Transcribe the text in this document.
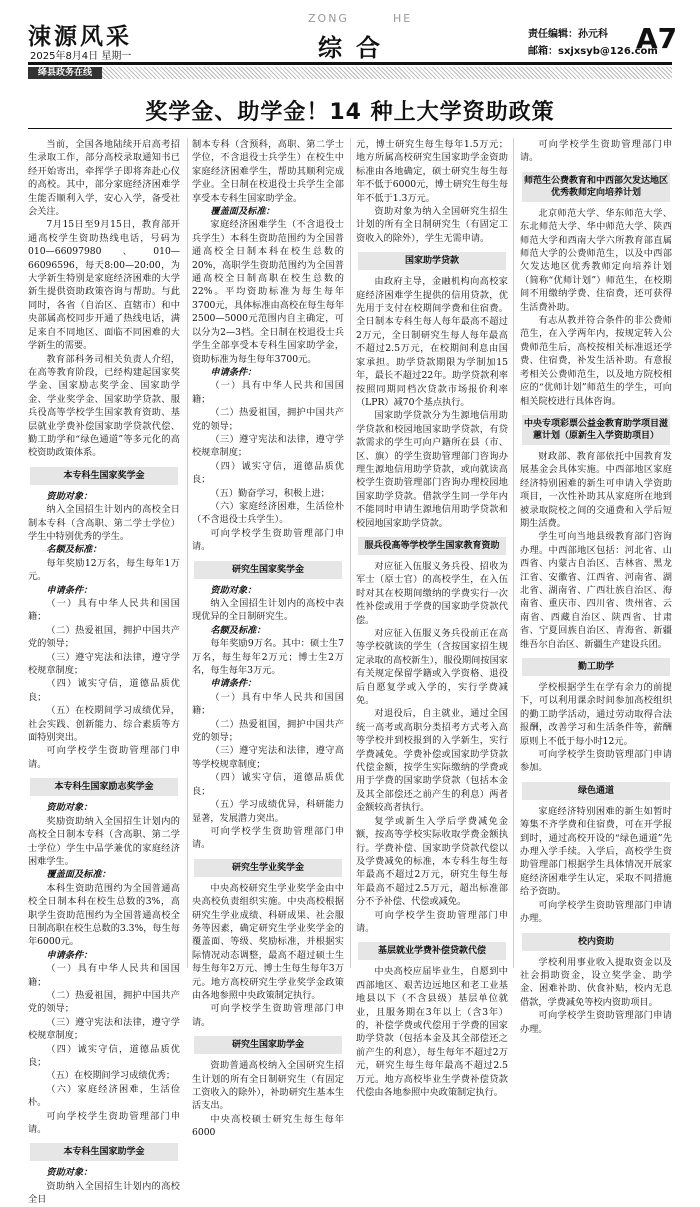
涑源风采
2025年8月4日 星期一
ZONG	HE
综合	责任编辑：孙元科
邮箱：sxjxsyb@126.com
A7
绛县政务在线
奖学金、助学金！14 种上大学资助政策

当前，全国各地陆续开启高考招生录取工作，部分高校录取通知书已经开始寄出，牵挥学子即将奔赴心仪的高校。其中，部分家庭经济困难学生能否顺利入学，安心入学，备受社会关注。

7月15日至9月15日，教育部开通高校学生资助热线电话，号码为010—66097980、010—66096596，每天8:00—20:00，为大学新生特别是家庭经济困难的大学新生提供资助政策咨询与帮助。与此同时，各省（自治区、直辖市）和中央部属高校同步开通了热线电话，满足来自不同地区、面临不同困难的大学新生的需要。

教育部科务司相关负责人介绍，在高等教育阶段，已经构建起国家奖学金、国家励志奖学金、国家助学金、学业奖学金、国家助学贷款、服兵役高等学校学生国家教育资助、基层就业学费补偿国家助学贷款代偿、勤工助学和“绿色通道”等多元化的高校资助政策体系。

本专科生国家奖学金

资助对象：

纳入全国招生计划内的高校全日制本专科（含高职、第二学士学位）学生中特别优秀的学生。

名额及标准：

每年奖励12万名，每生每年1万元。

申请条件：

（一）具有中华人民共和国国籍；

（二）热爱祖国，拥护中国共产党的领导；

（三）遵守宪法和法律，遵守学校规章制度；

（四）诚实守信，道德品质优良；

（五）在校期间学习成绩优异，社会实践、创新能力、综合素质等方面特别突出。

可向学校学生资助管理部门申请。

本专科生国家励志奖学金

资助对象：

奖励资助纳入全国招生计划内的高校全日制本专科（含高职、第二学士学位）学生中品学兼优的家庭经济困难学生。

覆盖面及标准：

本科生资助范围约为全国普通高校全日制本科在校生总数的3%，高职学生资助范围约为全国普通高校全日制高职在校生总数的3.3%，每生每年6000元。

申请条件：

（一）具有中华人民共和国国籍；

（二）热爱祖国，拥护中国共产党的领导；

（三）遵守宪法和法律，遵守学校规章制度；

（四）诚实守信，道德品质优良；

（五）在校期间学习成绩优秀；

（六）家庭经济困难，生活俭朴。

可向学校学生资助管理部门申请。

本专科生国家助学金

资助对象：

资助纳入全国招生计划内的高校全日

制本专科（含预科，高职、第二学士学位，不含退役士兵学生）在校生中家庭经济困难学生，帮助其顺利完成学业。全日制在校退役士兵学生全部享受本专科生国家助学金。

覆盖面及标准：

家庭经济困难学生（不含退役士兵学生）本科生资助范围约为全国普通高校全日制本科在校生总数的20%，高职学生资助范围约为全国普通高校全日制高职在校生总数的22%。平均资助标准为每生每年3700元，具体标准由高校在每生每年2500—5000元范围内自主确定，可以分为2—3档。全日制在校退役士兵学生全部享受本专科生国家助学金，资助标准为每生每年3700元。

申请条件：

（一）具有中华人民共和国国籍；

（二）热爱祖国，拥护中国共产党的领导；

（三）遵守宪法和法律，遵守学校规章制度；

（四）诚实守信，道德品质优良；

（五）勤奋学习，积极上进；

（六）家庭经济困难，生活俭朴（不含退役士兵学生）。

可向学校学生资助管理部门申请。

研究生国家奖学金

资助对象：

纳入全国招生计划内的高校中表现优异的全日制研究生。

名额及标准：

每年奖励9万名。其中：硕士生7万名，每生每年2万元；博士生2万名，每生每年3万元。

申请条件：

（一）具有中华人民共和国国籍；

（二）热爱祖国，拥护中国共产党的领导；

（三）遵守宪法和法律，遵守高等学校规章制度；

（四）诚实守信，道德品质优良；

（五）学习成绩优异，科研能力显著，发展潜力突出。

可向学校学生资助管理部门申请。

研究生学业奖学金

中央高校研究生学业奖学金由中央高校负责组织实施。中央高校根据研究生学业成绩、科研成果、社会服务等因素，确定研究生学业奖学金的覆盖面、等级、奖励标准，并根据实际情况动态调整，最高不超过硕士生每生每年2万元、博士生每生每年3万元。地方高校研究生学业奖学金政策由各地参照中央政策制定执行。

可向学校学生资助管理部门申请。

研究生国家助学金

资助普通高校纳入全国研究生招生计划的所有全日制研究生（有固定工资收入的除外），补助研究生基本生活支出。

中央高校硕士研究生每生每年6000

元，博士研究生每生每年1.5万元；地方所属高校研究生国家助学金资助标准由各地确定，硕士研究生每生每年不低于6000元，博士研究生每生每年不低于1.3万元。

资助对象为纳入全国研究生招生计划的所有全日制研究生（有固定工资收入的除外），学生无需申请。

国家助学贷款

由政府主导，金融机构向高校家庭经济困难学生提供的信用贷款，优先用于支付在校期间学费和住宿费。全日制本专科生每人每年最高不超过2万元，全日制研究生每人每年最高不超过2.5万元，在校期间利息由国家承担。助学贷款期限为学制加15年，最长不超过22年。助学贷款利率按照同期同档次贷款市场报价利率（LPR）减70个基点执行。

国家助学贷款分为生源地信用助学贷款和校园地国家助学贷款，有贷款需求的学生可向户籍所在县（市、区、旗）的学生资助管理部门咨询办理生源地信用助学贷款，或向就读高校学生资助管理部门咨询办理校园地国家助学贷款。借款学生同一学年内不能同时申请生源地信用助学贷款和校园地国家助学贷款。

服兵役高等学校学生国家教育资助

对应征入伍服义务兵役、招收为军士（原士官）的高校学生，在入伍时对其在校期间缴纳的学费实行一次性补偿或用于学费的国家助学贷款代偿。

对应征入伍服义务兵役前正在高等学校就读的学生（含按国家招生规定录取的高校新生），服役期间按国家有关规定保留学籍或入学资格、退役后自愿复学或入学的，实行学费减免。

对退役后，自主就业，通过全国统一高考或高职分类招考方式考入高等学校并到校报到的入学新生，实行学费减免。学费补偿或国家助学贷款代偿金额，按学生实际缴纳的学费或用于学费的国家助学贷款（包括本金及其全部偿还之前产生的利息）两者金额较高者执行。

复学或新生入学后学费减免金额，按高等学校实际收取学费金额执行。学费补偿、国家助学贷款代偿以及学费减免的标准，本专科生每生每年最高不超过2万元，研究生每生每年最高不超过2.5万元，超出标准部分不予补偿、代偿或减免。

可向学校学生资助管理部门申请。

基层就业学费补偿贷款代偿

中央高校应届毕业生，自愿到中西部地区、艰苦边远地区和老工业基地县以下（不含县级）基层单位就业，且服务期在3年以上（含3年）的，补偿学费或代偿用于学费的国家助学贷款（包括本金及其全部偿还之前产生的利息），每生每年不超过2万元，研究生每生每年最高不超过2.5万元。地方高校毕业生学费补偿贷款代偿由各地参照中央政策制定执行。

可向学校学生资助管理部门申请。

师范生公费教育和中西部欠发达地区优秀教师定向培养计划

北京师范大学、华东师范大学、东北师范大学、华中师范大学、陕西师范大学和西南大学六所教育部直属师范大学的公费师范生，以及中西部欠发达地区优秀教师定向培养计划（简称“优师计划”）师范生，在校期间不用缴纳学费、住宿费，还可获得生活费补助。

有志从教并符合条件的非公费师范生，在入学两年内，按规定转入公费师范生后，高校按相关标准返还学费、住宿费，补发生活补助。有意报考相关公费师范生，以及地方院校相应的“优师计划”师范生的学生，可向相关院校进行具体咨询。

中央专项彩票公益金教育助学项目滋蕙计划（原新生入学资助项目）

财政部、教育部依托中国教育发展基金会具体实施。中西部地区家庭经济特别困难的新生可申请入学资助项目，一次性补助其从家庭所在地到被录取院校之间的交通费和入学后短期生活费。

学生可向当地县级教育部门咨询办理。中西部地区包括：河北省、山西省、内蒙古自治区、吉林省、黑龙江省、安徽省、江西省、河南省、湖北省、湖南省、广西壮族自治区、海南省、重庆市、四川省、贵州省、云南省、西藏自治区、陕西省、甘肃省、宁夏回族自治区、青海省、新疆维吾尔自治区、新疆生产建设兵团。

勤工助学

学校根据学生在学有余力的前提下，可以利用课余时间参加高校组织的勤工助学活动，通过劳动取得合法报酬，改善学习和生活条件等，薪酬原则上不低于每小时12元。

可向学校学生资助管理部门申请参加。

绿色通道

家庭经济特别困难的新生如暂时筹集不齐学费和住宿费，可在开学报到时，通过高校开设的“绿色通道”先办理入学手续。入学后，高校学生资助管理部门根据学生具体情况开展家庭经济困难学生认定，采取不同措施给予资助。

可向学校学生资助管理部门申请办理。

校内资助

学校利用事业收入提取资金以及社会捐助资金，设立奖学金、助学金、困难补助、伙食补贴，校内无息借款，学费减免等校内资助项目。

可向学校学生资助管理部门申请办理。
